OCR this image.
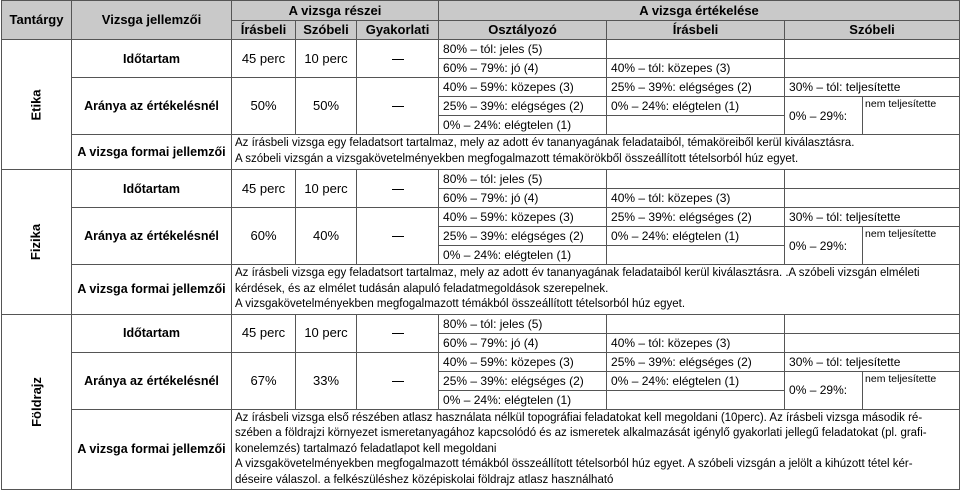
Tantárgy	Vizsga jellemzői	A vizsga részei			A vizsga értékelése			
		Írásbeli	Szóbeli	Gyakorlati	Osztályozó	Írásbeli	Szóbeli	
Etika	Időtartam	45 perc	10 perc		80% – tól: jeles (5)			
					60% – 79%: jó (4)	40% – tól: közepes (3)		
	Aránya az értékelésnél	50%	50%		40% – 59%: közepes (3)	25% – 39%: elégséges (2)	30% – tól: teljesítette	
					25% – 39%: elégséges (2)	0% – 24%: elégtelen (1)	0% – 29%:	nem teljesítette
					0% – 24%: elégtelen (1)			
	A vizsga formai jellemzői	Az írásbeli vizsga egy feladatsort tartalmaz, mely az adott év tananyagának feladataiból, témaköreiből kerül kiválasztásra.
A szóbeli vizsgán a vizsgakövetelményekben megfogalmazott témakörökből összeállított tételsorból húz egyet.						

Fizika	Időtartam	45 perc	10 perc		80% – tól: jeles (5)			
					60% – 79%: jó (4)	40% – tól: közepes (3)		
	Aránya az értékelésnél	60%	40%		40% – 59%: közepes (3)	25% – 39%: elégséges (2)	30% – tól: teljesítette	
					25% – 39%: elégséges (2)	0% – 24%: elégtelen (1)	0% – 29%:	nem teljesítette
					0% – 24%: elégtelen (1)			
	A vizsga formai jellemzői	Az írásbeli vizsga egy feladatsort tartalmaz, mely az adott év tananyagának feladataiból kerül kiválasztásra. .A szóbeli vizsgán elméleti
kérdések, és az elmélet tudásán alapuló feladatmegoldások szerepelnek.
A vizsgakövetelményekben megfogalmazott témákból összeállított tételsorból húz egyet.						

Földrajz	Időtartam	45 perc	10 perc		80% – tól: jeles (5)			
					60% – 79%: jó (4)	40% – tól: közepes (3)		
	Aránya az értékelésnél	67%	33%		40% – 59%: közepes (3)	25% – 39%: elégséges (2)	30% – tól: teljesítette	
					25% – 39%: elégséges (2)	0% – 24%: elégtelen (1)	0% – 29%:	nem teljesítette
					0% – 24%: elégtelen (1)			
	A vizsga formai jellemzői	Az írásbeli vizsga első részében atlasz használata nélkül topográfiai feladatokat kell megoldani (10perc). Az írásbeli vizsga második ré-
szében a földrajzi környezet ismeretanyagához kapcsolódó és az ismeretek alkalmazását igénylő gyakorlati jellegű feladatokat (pl. grafi-
konelemzés) tartalmazó feladatlapot kell megoldani
A vizsgakövetelményekben megfogalmazott témákból összeállított tételsorból húz egyet. A szóbeli vizsgán a jelölt a kihúzott tétel kér-
déseire válaszol. a felkészüléshez középiskolai földrajz atlasz használható						
